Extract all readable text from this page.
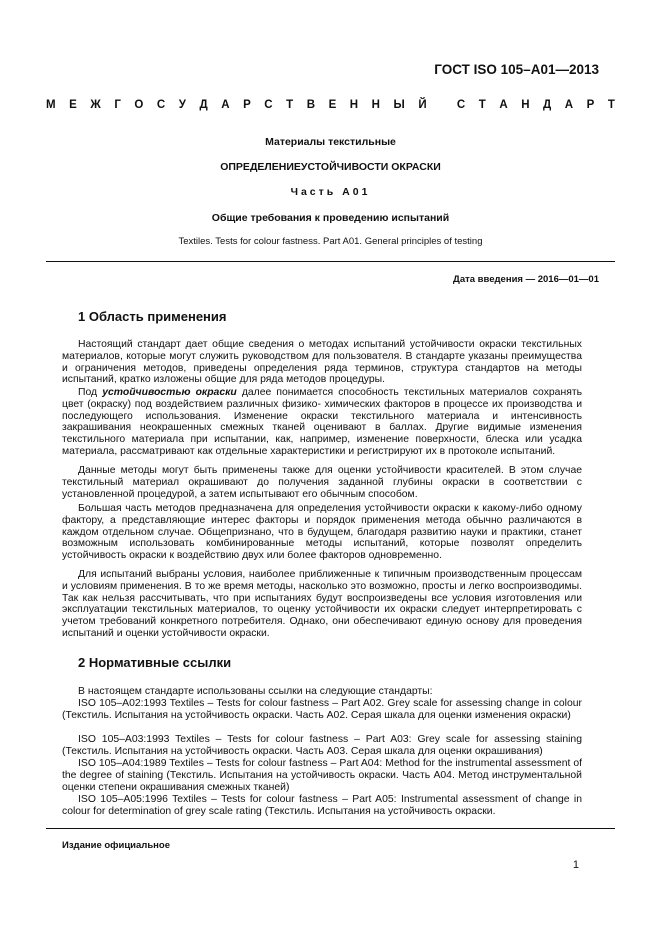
ГОСТ ISO 105–A01—2013
М Е Ж Г О С У Д А Р С Т В Е Н Н Ы Й
	С Т А Н Д А Р Т
Материалы текстильные
ОПРЕДЕЛЕНИЕУСТОЙЧИВОСТИ ОКРАСКИ
Часть А01
Общие требования к проведению испытаний
Textiles. Tests for colour fastness. Part A01. General principles of testing
Дата введения — 2016—01—01
1 Область применения

Настоящий стандарт дает общие сведения о методах испытаний устойчивости окраски текстильных материалов, которые могут служить руководством для пользователя. В стандарте указаны преимущества и ограничения методов, приведены определения ряда терминов, структура стандартов на методы испытаний, кратко изложены общие для ряда методов процедуры.

Под устойчивостью окраски далее понимается способность текстильных материалов сохранять цвет (окраску) под воздействием различных физико- химических факторов в процессе их производства и последующего использования. Изменение окраски текстильного материала и интенсивность закрашивания неокрашенных смежных тканей оценивают в баллах. Другие видимые изменения текстильного материала при испытании, как, например, изменение поверхности, блеска или усадка материала, рассматривают как отдельные характеристики и регистрируют их в протоколе испытаний.

Данные методы могут быть применены также для оценки устойчивости красителей. В этом случае текстильный материал окрашивают до получения заданной глубины окраски в соответствии с установленной процедурой, а затем испытывают его обычным способом.

Большая часть методов предназначена для определения устойчивости окраски к какому-либо одному фактору, а представляющие интерес факторы и порядок применения метода обычно различаются в каждом отдельном случае. Общепризнано, что в будущем, благодаря развитию науки и практики, станет возможным использовать комбинированные методы испытаний, которые позволят определить устойчивость окраски к воздействию двух или более факторов одновременно.

Для испытаний выбраны условия, наиболее приближенные к типичным производственным процессам и условиям применения. В то же время методы, насколько это возможно, просты и легко воспроизводимы. Так как нельзя рассчитывать, что при испытаниях будут воспроизведены все условия изготовления или эксплуатации текстильных материалов, то оценку устойчивости их окраски следует интерпретировать с учетом требований конкретного потребителя. Однако, они обеспечивают единую основу для проведения испытаний и оценки устойчивости окраски.

2 Нормативные ссылки

В настоящем стандарте использованы ссылки на следующие стандарты:

ISO 105–A02:1993 Textiles – Tests for colour fastness – Part A02. Grey scale for assessing change in colour (Текстиль. Испытания на устойчивость окраски. Часть А02. Серая шкала для оценки изменения окраски)

ISO 105–A03:1993 Textiles – Tests for colour fastness – Part A03: Grey scale for assessing staining (Текстиль. Испытания на устойчивость окраски. Часть А03. Серая шкала для оценки окрашивания)

ISO 105–A04:1989 Textiles – Tests for colour fastness – Part A04: Method for the instrumental assessment of the degree of staining (Текстиль. Испытания на устойчивость окраски. Часть А04. Метод инструментальной оценки степени окрашивания смежных тканей)

ISO 105–A05:1996 Textiles – Tests for colour fastness – Part A05: Instrumental assessment of change in colour for determination of grey scale rating (Текстиль. Испытания на устойчивость окраски.

Издание официальное
1
